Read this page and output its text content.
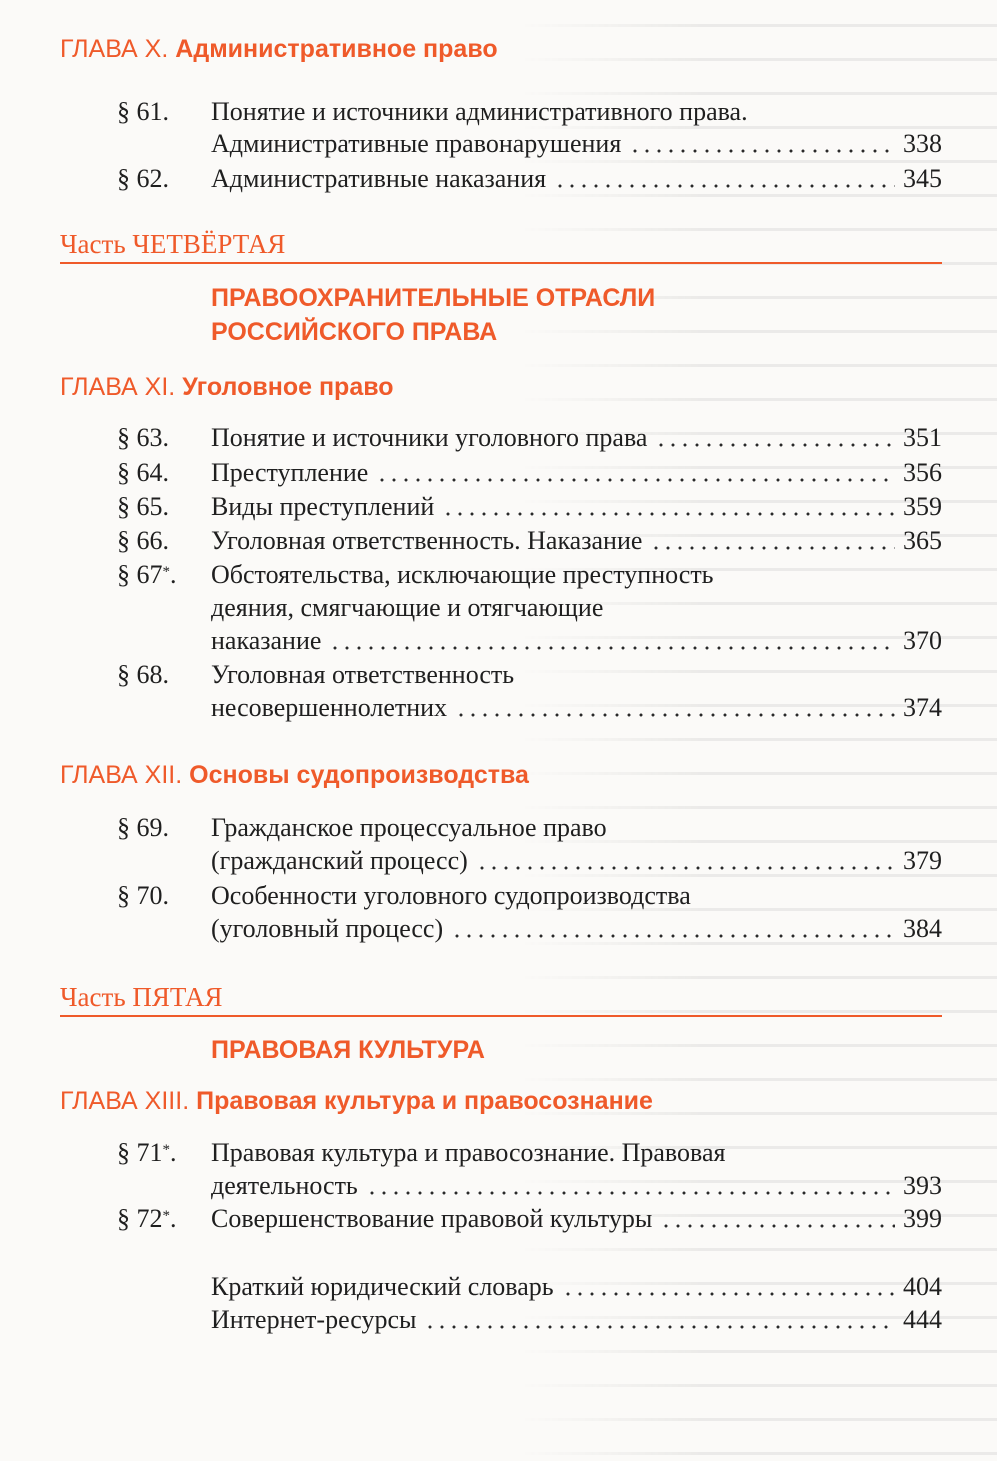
ГЛАВА X. Административное право
§ 61. Понятие и источники административного права.
Административные правонарушения	338
§ 62. Административные наказания	345
Часть ЧЕТВЁРТАЯ
ПРАВООХРАНИТЕЛЬНЫЕ ОТРАСЛИ
РОССИЙСКОГО ПРАВА
ГЛАВА XI. Уголовное право
§ 63. Понятие и источники уголовного права	351
§ 64. Преступление	356
§ 65. Виды преступлений	359
§ 66. Уголовная ответственность. Наказание	365
§ 67*. Обстоятельства, исключающие преступность
деяния, смягчающие и отягчающие
наказание	370
§ 68. Уголовная ответственность
несовершеннолетних	374
ГЛАВА XII. Основы судопроизводства
§ 69. Гражданское процессуальное право
(гражданский процесс)	379
§ 70. Особенности уголовного судопроизводства
(уголовный процесс)	384
Часть ПЯТАЯ
ПРАВОВАЯ КУЛЬТУРА
ГЛАВА XIII. Правовая культура и правосознание
§ 71*. Правовая культура и правосознание. Правовая
деятельность	393
§ 72*. Совершенствование правовой культуры	399
Краткий юридический словарь	404
Интернет-ресурсы	444
